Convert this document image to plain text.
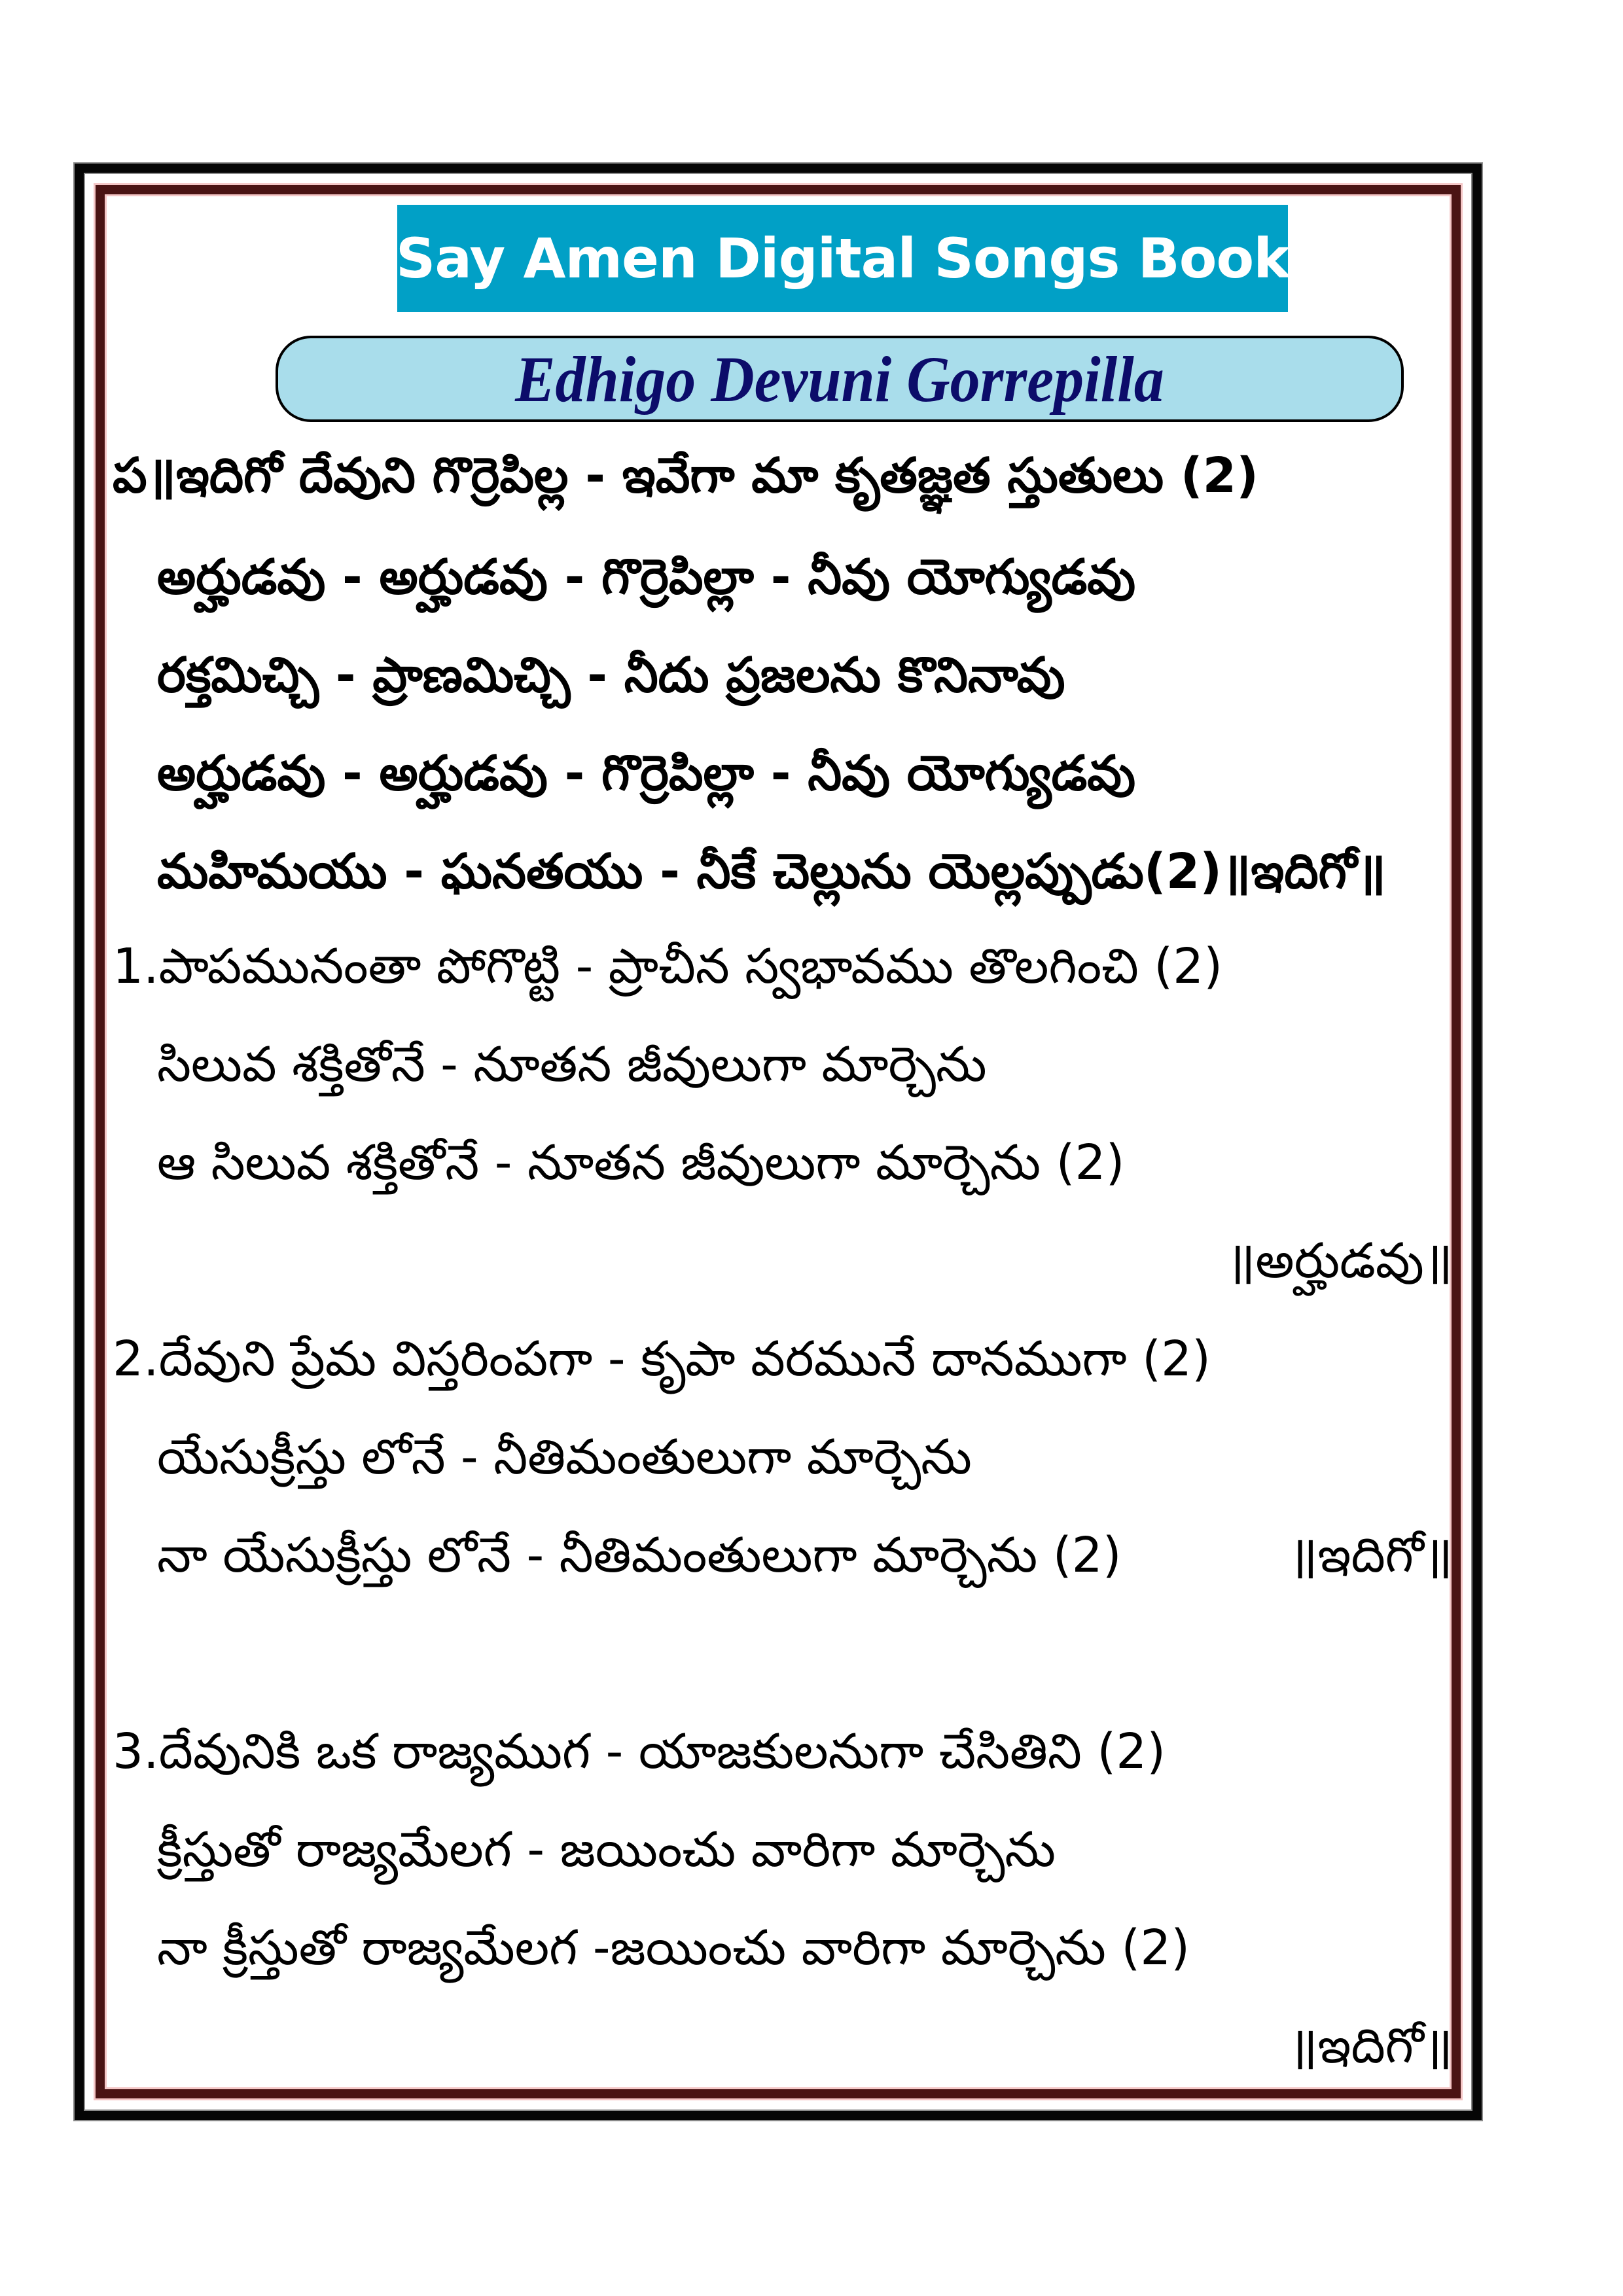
Say Amen Digital Songs Book
Edhigo Devuni Gorrepilla
ప॥ఇదిగో దేవుని గొర్రెపిల్ల - ఇవేగా మా కృతజ్ఞత స్తుతులు (2)
అర్హుడవు - అర్హుడవు - గొర్రెపిల్లా - నీవు యోగ్యుడవు
రక్తమిచ్చి - ప్రాణమిచ్చి - నీదు ప్రజలను కొనినావు
అర్హుడవు - అర్హుడవు - గొర్రెపిల్లా - నీవు యోగ్యుడవు
మహిమయు - ఘనతయు - నీకే చెల్లును యెల్లప్పుడు(2)॥ఇదిగో॥
1.పాపమునంతా పోగొట్టి - ప్రాచీన స్వభావము తొలగించి (2)
సిలువ శక్తితోనే - నూతన జీవులుగా మార్చెను
ఆ సిలువ శక్తితోనే - నూతన జీవులుగా మార్చెను (2)
॥అర్హుడవు॥
2.దేవుని ప్రేమ విస్తరింపగా - కృపా వరమునే దానముగా (2)
యేసుక్రీస్తు లోనే - నీతిమంతులుగా మార్చెను
నా యేసుక్రీస్తు లోనే - నీతిమంతులుగా మార్చెను (2)	॥ఇదిగో॥
3.దేవునికి ఒక రాజ్యముగ - యాజకులనుగా చేసితిని (2)
క్రీస్తుతో రాజ్యమేలగ - జయించు వారిగా మార్చెను
నా క్రీస్తుతో రాజ్యమేలగ -జయించు వారిగా మార్చెను (2)
॥ఇదిగో॥
